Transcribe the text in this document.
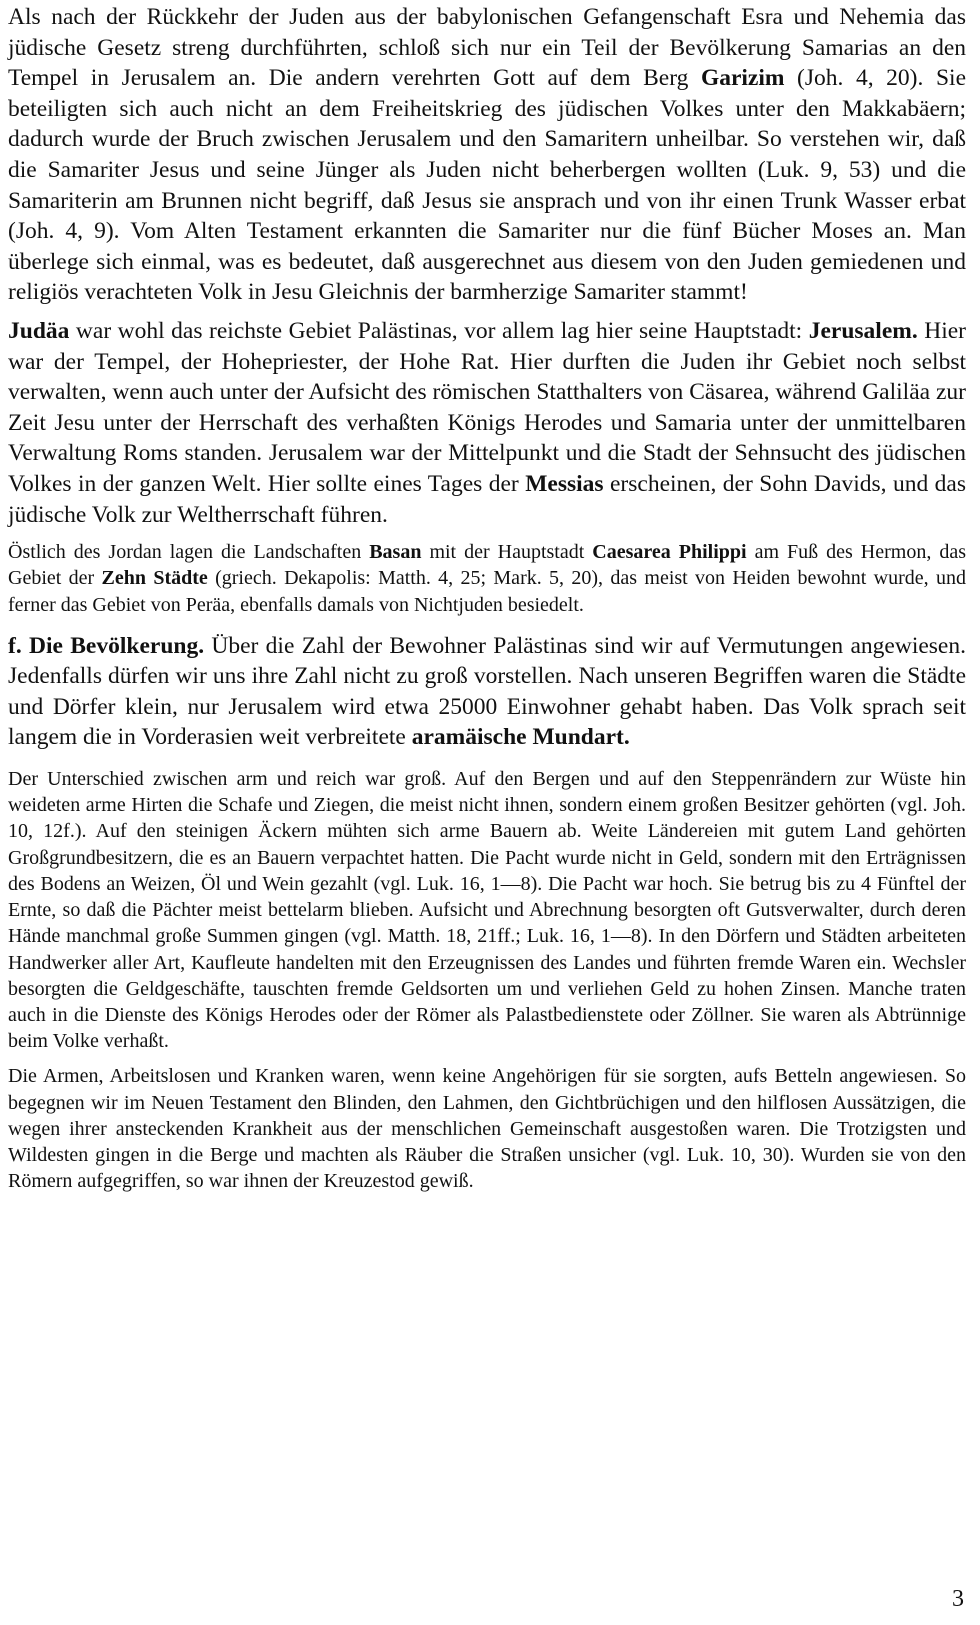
Als nach der Rückkehr der Juden aus der babylonischen Gefangenschaft Esra und Nehemia das jüdische Gesetz streng durchführten, schloß sich nur ein Teil der Bevölkerung Samarias an den Tempel in Jerusalem an. Die andern verehrten Gott auf dem Berg Garizim (Joh. 4, 20). Sie beteiligten sich auch nicht an dem Freiheitskrieg des jüdischen Volkes unter den Makkabäern; dadurch wurde der Bruch zwischen Jerusalem und den Samaritern unheilbar. So verstehen wir, daß die Samariter Jesus und seine Jünger als Juden nicht beherbergen wollten (Luk. 9, 53) und die Samariterin am Brunnen nicht begriff, daß Jesus sie ansprach und von ihr einen Trunk Wasser erbat (Joh. 4, 9). Vom Alten Testament erkannten die Samariter nur die fünf Bücher Moses an. Man überlege sich einmal, was es bedeutet, daß ausgerechnet aus diesem von den Juden gemiedenen und religiös verachteten Volk in Jesu Gleichnis der barmherzige Samariter stammt!

Judäa war wohl das reichste Gebiet Palästinas, vor allem lag hier seine Hauptstadt: Jerusalem. Hier war der Tempel, der Hohepriester, der Hohe Rat. Hier durften die Juden ihr Gebiet noch selbst verwalten, wenn auch unter der Aufsicht des römischen Statthalters von Cäsarea, während Galiläa zur Zeit Jesu unter der Herrschaft des verhaßten Königs Herodes und Samaria unter der unmittelbaren Verwaltung Roms standen. Jerusalem war der Mittelpunkt und die Stadt der Sehnsucht des jüdischen Volkes in der ganzen Welt. Hier sollte eines Tages der Messias erscheinen, der Sohn Davids, und das jüdische Volk zur Weltherrschaft führen.

Östlich des Jordan lagen die Landschaften Basan mit der Hauptstadt Caesarea Philippi am Fuß des Hermon, das Gebiet der Zehn Städte (griech. Dekapolis: Matth. 4, 25; Mark. 5, 20), das meist von Heiden bewohnt wurde, und ferner das Gebiet von Peräa, ebenfalls damals von Nichtjuden besiedelt.

f. Die Bevölkerung. Über die Zahl der Bewohner Palästinas sind wir auf Vermutungen angewiesen. Jedenfalls dürfen wir uns ihre Zahl nicht zu groß vorstellen. Nach unseren Begriffen waren die Städte und Dörfer klein, nur Jerusalem wird etwa 25000 Einwohner gehabt haben. Das Volk sprach seit langem die in Vorderasien weit verbreitete aramäische Mundart.

Der Unterschied zwischen arm und reich war groß. Auf den Bergen und auf den Steppenrändern zur Wüste hin weideten arme Hirten die Schafe und Ziegen, die meist nicht ihnen, sondern einem großen Besitzer gehörten (vgl. Joh. 10, 12f.). Auf den steinigen Äckern mühten sich arme Bauern ab. Weite Ländereien mit gutem Land gehörten Großgrundbesitzern, die es an Bauern verpachtet hatten. Die Pacht wurde nicht in Geld, sondern mit den Erträgnissen des Bodens an Weizen, Öl und Wein gezahlt (vgl. Luk. 16, 1—8). Die Pacht war hoch. Sie betrug bis zu 4 Fünftel der Ernte, so daß die Pächter meist bettelarm blieben. Aufsicht und Abrechnung besorgten oft Gutsverwalter, durch deren Hände manchmal große Summen gingen (vgl. Matth. 18, 21ff.; Luk. 16, 1—8). In den Dörfern und Städten arbeiteten Handwerker aller Art, Kaufleute handelten mit den Erzeugnissen des Landes und führten fremde Waren ein. Wechsler besorgten die Geldgeschäfte, tauschten fremde Geldsorten um und verliehen Geld zu hohen Zinsen. Manche traten auch in die Dienste des Königs Herodes oder der Römer als Palastbedienstete oder Zöllner. Sie waren als Abtrünnige beim Volke verhaßt.

Die Armen, Arbeitslosen und Kranken waren, wenn keine Angehörigen für sie sorgten, aufs Betteln angewiesen. So begegnen wir im Neuen Testament den Blinden, den Lahmen, den Gichtbrüchigen und den hilflosen Aussätzigen, die wegen ihrer ansteckenden Krankheit aus der menschlichen Gemeinschaft ausgestoßen waren. Die Trotzigsten und Wildesten gingen in die Berge und machten als Räuber die Straßen unsicher (vgl. Luk. 10, 30). Wurden sie von den Römern aufgegriffen, so war ihnen der Kreuzestod gewiß.

3
